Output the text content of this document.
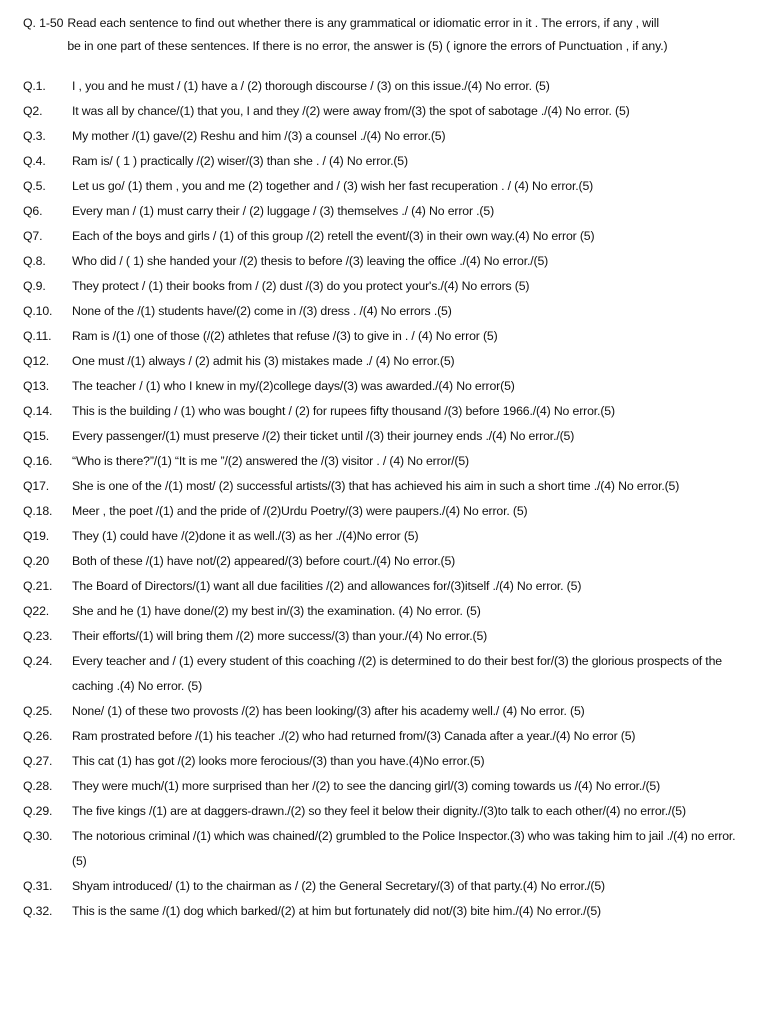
Q. 1-50 Read each sentence to find out whether there is any grammatical or idiomatic error in it . The errors, if any , will
be in one part of these sentences. If there is no error, the answer is (5) ( ignore the errors of Punctuation , if any.)
Q.1.	I , you and he must / (1) have a / (2) thorough discourse / (3) on this issue./(4) No error. (5)
Q2.	It was all by chance/(1) that you, I and they /(2) were away from/(3) the spot of sabotage ./(4) No error. (5)
Q.3.	My mother /(1) gave/(2) Reshu and him /(3) a counsel ./(4) No error.(5)
Q.4.	Ram is/ ( 1 ) practically /(2) wiser/(3) than she . / (4) No error.(5)
Q.5.	Let us go/ (1) them , you and me (2) together and / (3) wish her fast recuperation . / (4) No error.(5)
Q6.	Every man / (1) must carry their / (2) luggage / (3) themselves ./ (4) No error .(5)
Q7.	Each of the boys and girls / (1) of this group /(2) retell the event/(3) in their own way.(4) No error (5)
Q.8.	Who did / ( 1) she handed your /(2) thesis to before /(3) leaving the office ./(4) No error./(5)
Q.9.	They protect / (1) their books from / (2) dust /(3) do you protect your's./(4) No errors (5)
Q.10.	None of the /(1) students have/(2) come in /(3) dress . /(4) No errors .(5)
Q.11.	Ram is /(1) one of those (/(2) athletes that refuse /(3) to give in . / (4) No error (5)
Q12.	One must /(1) always / (2) admit his (3) mistakes made ./ (4) No error.(5)
Q13.	The teacher / (1) who I knew in my/(2)college days/(3) was awarded./(4) No error(5)
Q.14.	This is the building / (1) who was bought / (2) for rupees fifty thousand /(3) before 1966./(4) No error.(5)
Q15.	Every passenger/(1) must preserve /(2) their ticket until /(3) their journey ends ./(4) No error./(5)
Q.16.	“Who is there?”/(1) “It is me ”/(2) answered the /(3) visitor . / (4) No error/(5)
Q17.	She is one of the /(1) most/ (2) successful artists/(3) that has achieved his aim in such a short time ./(4) No error.(5)
Q.18.	Meer , the poet /(1) and the pride of /(2)Urdu Poetry/(3) were paupers./(4) No error. (5)
Q19.	They (1) could have /(2)done it as well./(3) as her ./(4)No error (5)
Q.20	Both of these /(1) have not/(2) appeared/(3) before court./(4) No error.(5)
Q.21.	The Board of Directors/(1) want all due facilities /(2) and allowances for/(3)itself ./(4) No error. (5)
Q22.	She and he (1) have done/(2) my best in/(3) the examination. (4) No error. (5)
Q.23.	Their efforts/(1) will bring them /(2) more success/(3) than your./(4) No error.(5)
Q.24.	Every teacher and / (1) every student of this coaching /(2) is determined to do their best for/(3) the glorious prospects of the caching .(4) No error. (5)
Q.25.	None/ (1) of these two provosts /(2) has been looking/(3) after his academy well./ (4) No error. (5)
Q.26.	Ram prostrated before /(1) his teacher ./(2) who had returned from/(3) Canada after a year./(4) No error (5)
Q.27.	This cat (1) has got /(2) looks more ferocious/(3) than you have.(4)No error.(5)
Q.28.	They were much/(1) more surprised than her /(2) to see the dancing girl/(3) coming towards us /(4) No error./(5)
Q.29.	The five kings /(1) are at daggers-drawn./(2) so they feel it below their dignity./(3)to talk to each other/(4) no error./(5)
Q.30.	The notorious criminal /(1) which was chained/(2) grumbled to the Police Inspector.(3) who was taking him to jail ./(4) no error. (5)
Q.31.	Shyam introduced/ (1) to the chairman as / (2) the General Secretary/(3) of that party.(4) No error./(5)
Q.32.	This is the same /(1) dog which barked/(2) at him but fortunately did not/(3) bite him./(4) No error./(5)
